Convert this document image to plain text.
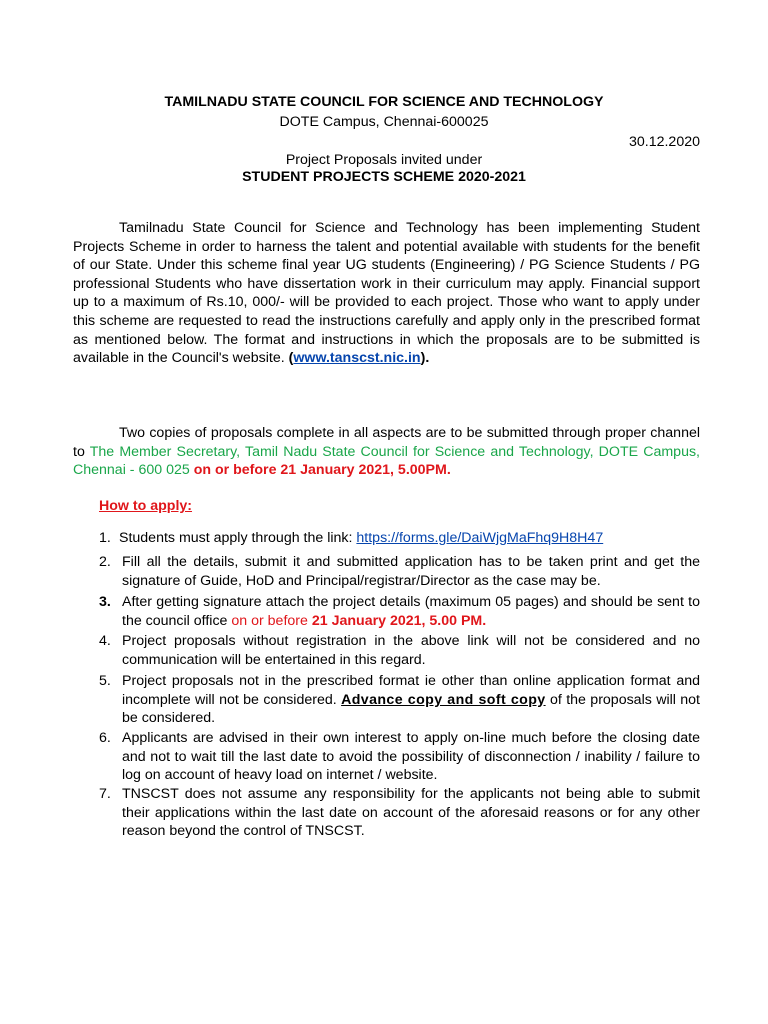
TAMILNADU STATE COUNCIL FOR SCIENCE AND TECHNOLOGY
DOTE Campus, Chennai-600025
30.12.2020
Project Proposals invited under
STUDENT PROJECTS SCHEME 2020-2021
Tamilnadu State Council for Science and Technology has been implementing Student Projects Scheme in order to harness the talent and potential available with students for the benefit of our State. Under this scheme final year UG students (Engineering) / PG Science Students / PG professional Students who have dissertation work in their curriculum may apply. Financial support up to a maximum of Rs.10, 000/- will be provided to each project. Those who want to apply under this scheme are requested to read the instructions carefully and apply only in the prescribed format as mentioned below. The format and instructions in which the proposals are to be submitted is available in the Council's website. (www.tanscst.nic.in).
Two copies of proposals complete in all aspects are to be submitted through proper channel to The Member Secretary, Tamil Nadu State Council for Science and Technology, DOTE Campus, Chennai - 600 025 on or before 21 January 2021, 5.00PM.
How to apply:
1. Students must apply through the link: https://forms.gle/DaiWjgMaFhq9H8H47
2. Fill all the details, submit it and submitted application has to be taken print and get the signature of Guide, HoD and Principal/registrar/Director as the case may be.
3. After getting signature attach the project details (maximum 05 pages) and should be sent to the council office on or before 21 January 2021, 5.00 PM.
4. Project proposals without registration in the above link will not be considered and no communication will be entertained in this regard.
5. Project proposals not in the prescribed format ie other than online application format and incomplete will not be considered. Advance copy and soft copy of the proposals will not be considered.
6. Applicants are advised in their own interest to apply on-line much before the closing date and not to wait till the last date to avoid the possibility of disconnection / inability / failure to log on account of heavy load on internet / website.
7. TNSCST does not assume any responsibility for the applicants not being able to submit their applications within the last date on account of the aforesaid reasons or for any other reason beyond the control of TNSCST.
